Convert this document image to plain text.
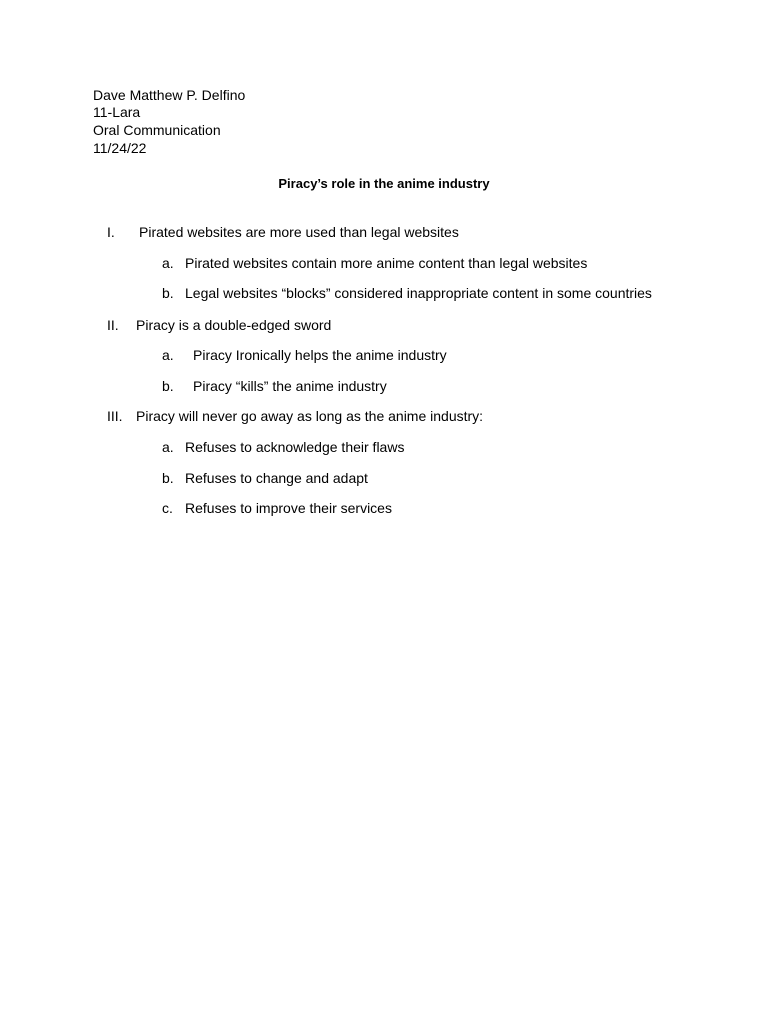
Dave Matthew P. Delfino
11-Lara
Oral Communication
11/24/22
Piracy’s role in the anime industry
I. Pirated websites are more used than legal websites
a. Pirated websites contain more anime content than legal websites
b. Legal websites “blocks” considered inappropriate content in some countries
II. Piracy is a double-edged sword
a. Piracy Ironically helps the anime industry
b. Piracy “kills” the anime industry
III. Piracy will never go away as long as the anime industry:
a. Refuses to acknowledge their flaws
b. Refuses to change and adapt
c. Refuses to improve their services
